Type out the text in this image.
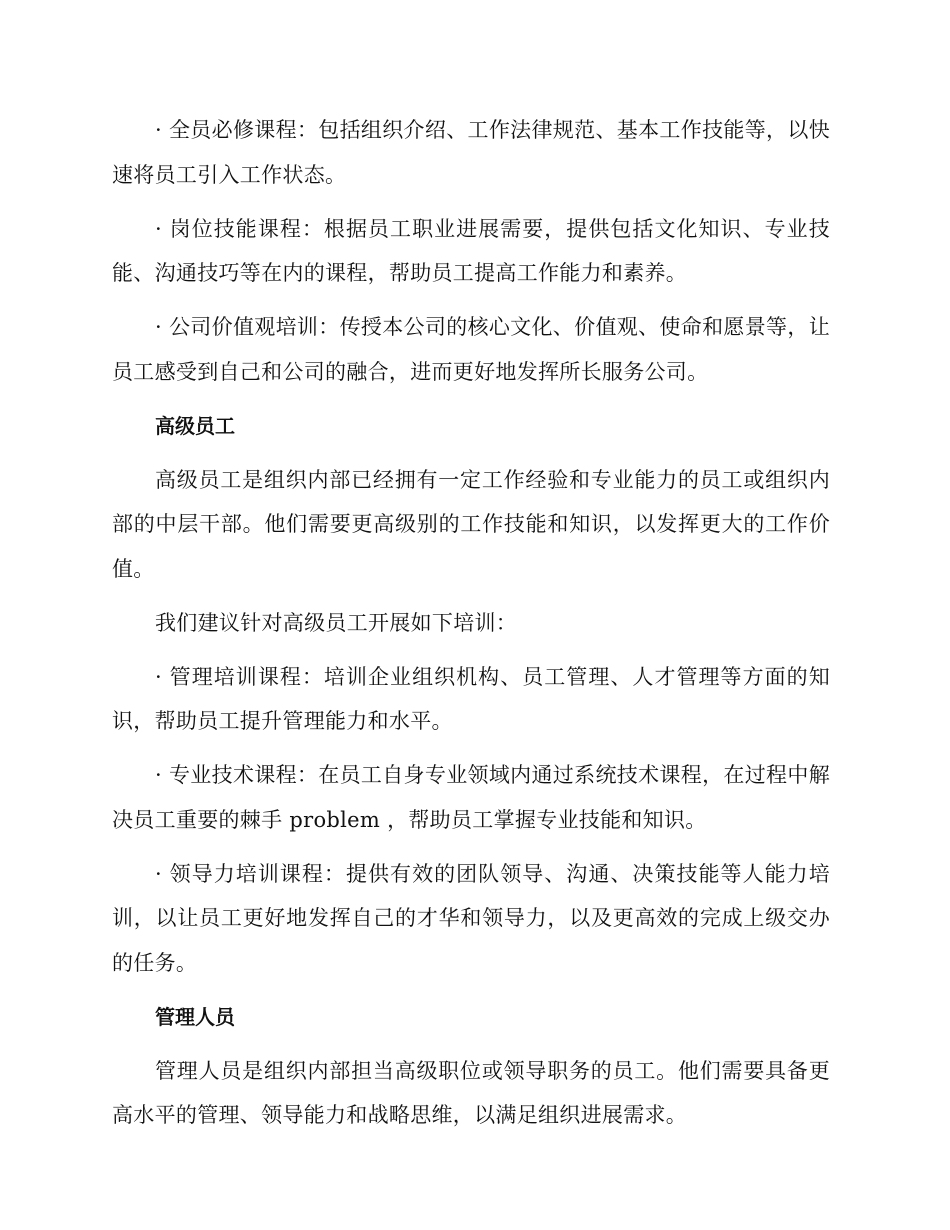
· 全员必修课程：包括组织介绍、工作法律规范、基本工作技能等，以快速将员工引入工作状态。

· 岗位技能课程：根据员工职业进展需要，提供包括文化知识、专业技能、沟通技巧等在内的课程，帮助员工提高工作能力和素养。

· 公司价值观培训：传授本公司的核心文化、价值观、使命和愿景等，让员工感受到自己和公司的融合，进而更好地发挥所长服务公司。

高级员工

高级员工是组织内部已经拥有一定工作经验和专业能力的员工或组织内部的中层干部。他们需要更高级别的工作技能和知识，以发挥更大的工作价值。

我们建议针对高级员工开展如下培训：

· 管理培训课程：培训企业组织机构、员工管理、人才管理等方面的知识，帮助员工提升管理能力和水平。

· 专业技术课程：在员工自身专业领域内通过系统技术课程，在过程中解决员工重要的棘手 problem ，帮助员工掌握专业技能和知识。

· 领导力培训课程：提供有效的团队领导、沟通、决策技能等人能力培训，以让员工更好地发挥自己的才华和领导力，以及更高效的完成上级交办的任务。

管理人员

管理人员是组织内部担当高级职位或领导职务的员工。他们需要具备更高水平的管理、领导能力和战略思维，以满足组织进展需求。
